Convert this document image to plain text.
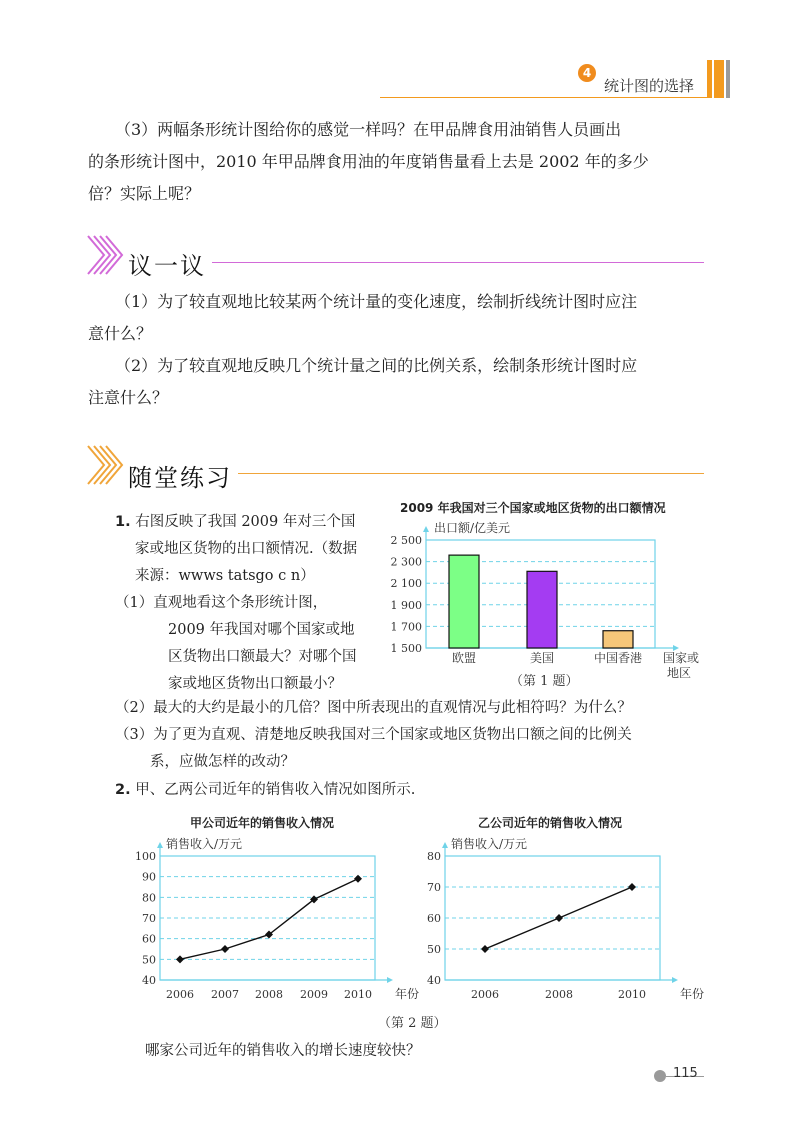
4
统计图的选择

（3）两幅条形统计图给你的感觉一样吗？在甲品牌食用油销售人员画出

的条形统计图中，2010 年甲品牌食用油的年度销售量看上去是 2002 年的多少

倍？实际上呢？

议一议

（1）为了较直观地比较某两个统计量的变化速度，绘制折线统计图时应注

意什么？

（2）为了较直观地反映几个统计量之间的比例关系，绘制条形统计图时应

注意什么？

随堂练习
1. 右图反映了我国 2009 年对三个国
家或地区货物的出口额情况.（数据
来源：wwws tatsgo c n）
（1）直观地看这个条形统计图，
2009 年我国对哪个国家或地
区货物出口额最大？对哪个国
家或地区货物出口额最小？
（2）最大的大约是最小的几倍？图中所表现出的直观情况与此相符吗？为什么？
（3）为了更为直观、清楚地反映我国对三个国家或地区货物出口额之间的比例关
系，应做怎样的改动？
2009 年我国对三个国家或地区货物的出口额情况
1 500
1 700
1 900
2 100
2 300
2 500
出口额/亿美元
国家或
地区
欧盟	美国	中国香港
（第 1 题）
2. 甲、乙两公司近年的销售收入情况如图所示.
甲公司近年的销售收入情况
40
50
60
70
80
90
100
销售收入/万元
年份
2006 2007 2008 2009 2010
乙公司近年的销售收入情况
40
50
60
70
80
销售收入/万元
年份
2006	2008	2010
（第 2 题）
哪家公司近年的销售收入的增长速度较快？
115
